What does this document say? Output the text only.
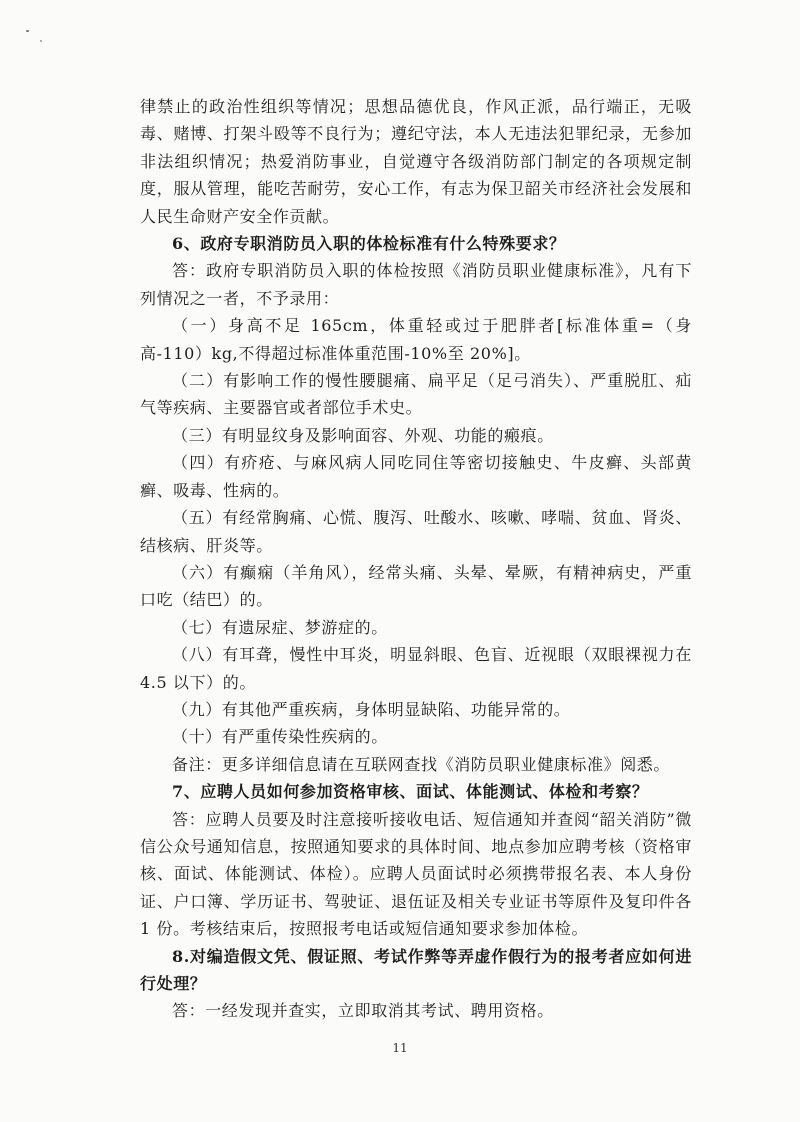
律禁止的政治性组织等情况；思想品德优良，作风正派，品行端正，无吸毒、赌博、打架斗殴等不良行为；遵纪守法，本人无违法犯罪纪录，无参加非法组织情况；热爱消防事业，自觉遵守各级消防部门制定的各项规定制度，服从管理，能吃苦耐劳，安心工作，有志为保卫韶关市经济社会发展和人民生命财产安全作贡献。

6、政府专职消防员入职的体检标准有什么特殊要求？

答：政府专职消防员入职的体检按照《消防员职业健康标准》，凡有下列情况之一者，不予录用：

（一）身高不足 165cm，体重轻或过于肥胖者[标准体重=（身高-110）kg,不得超过标准体重范围-10%至 20%]。

（二）有影响工作的慢性腰腿痛、扁平足（足弓消失）、严重脱肛、疝气等疾病、主要器官或者部位手术史。

（三）有明显纹身及影响面容、外观、功能的瘢痕。

（四）有疥疮、与麻风病人同吃同住等密切接触史、牛皮癣、头部黄癣、吸毒、性病的。

（五）有经常胸痛、心慌、腹泻、吐酸水、咳嗽、哮喘、贫血、肾炎、结核病、肝炎等。

（六）有癫痫（羊角风），经常头痛、头晕、晕厥，有精神病史，严重口吃（结巴）的。

（七）有遗尿症、梦游症的。

（八）有耳聋，慢性中耳炎，明显斜眼、色盲、近视眼（双眼裸视力在 4.5 以下）的。

（九）有其他严重疾病，身体明显缺陷、功能异常的。

（十）有严重传染性疾病的。

备注：更多详细信息请在互联网查找《消防员职业健康标准》阅悉。

7、应聘人员如何参加资格审核、面试、体能测试、体检和考察？

答：应聘人员要及时注意接听接收电话、短信通知并查阅“韶关消防”微信公众号通知信息，按照通知要求的具体时间、地点参加应聘考核（资格审核、面试、体能测试、体检）。应聘人员面试时必须携带报名表、本人身份证、户口簿、学历证书、驾驶证、退伍证及相关专业证书等原件及复印件各 1 份。考核结束后，按照报考电话或短信通知要求参加体检。

8.对编造假文凭、假证照、考试作弊等弄虚作假行为的报考者应如何进行处理？

答：一经发现并查实，立即取消其考试、聘用资格。

11
